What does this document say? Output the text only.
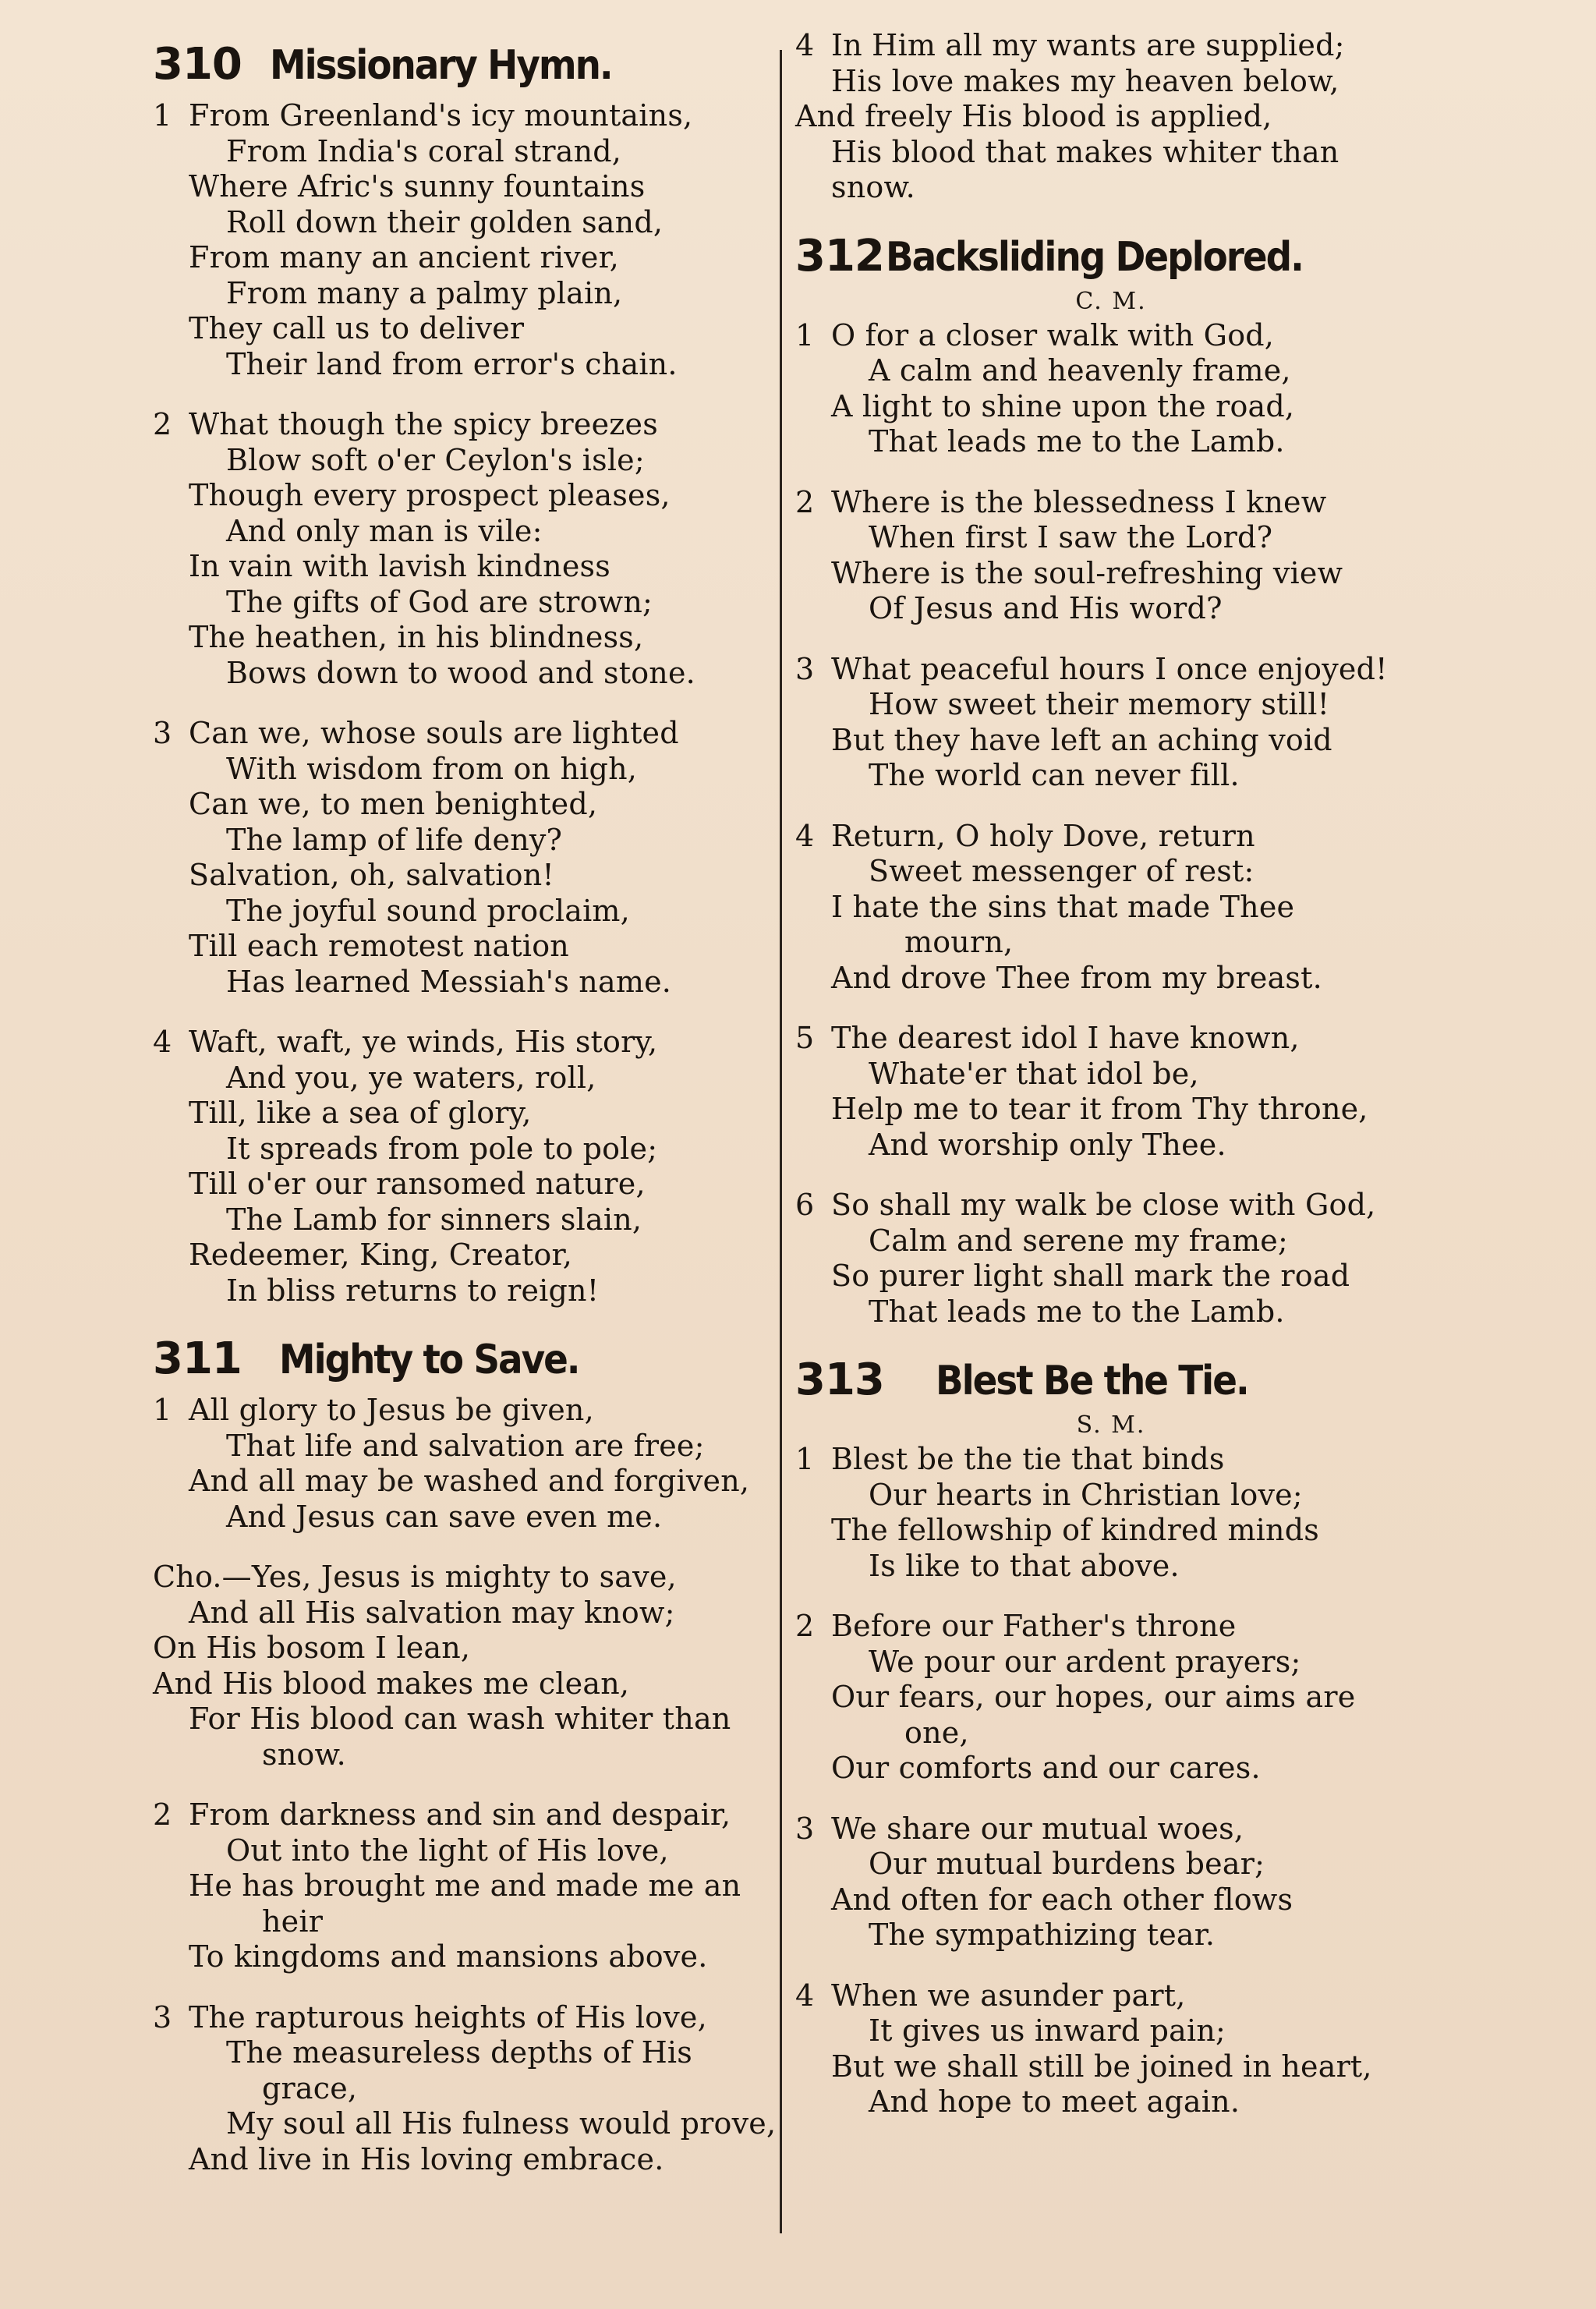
310 Missionary Hymn.
1 From Greenland's icy mountains,
From India's coral strand,
Where Afric's sunny fountains
Roll down their golden sand,
From many an ancient river,
From many a palmy plain,
They call us to deliver
Their land from error's chain.
2 What though the spicy breezes
Blow soft o'er Ceylon's isle;
Though every prospect pleases,
And only man is vile:
In vain with lavish kindness
The gifts of God are strown;
The heathen, in his blindness,
Bows down to wood and stone.
3 Can we, whose souls are lighted
With wisdom from on high,
Can we, to men benighted,
The lamp of life deny?
Salvation, oh, salvation!
The joyful sound proclaim,
Till each remotest nation
Has learned Messiah's name.
4 Waft, waft, ye winds, His story,
And you, ye waters, roll,
Till, like a sea of glory,
It spreads from pole to pole;
Till o'er our ransomed nature,
The Lamb for sinners slain,
Redeemer, King, Creator,
In bliss returns to reign!
311 Mighty to Save.
1 All glory to Jesus be given,
That life and salvation are free;
And all may be washed and forgiven,
And Jesus can save even me.
Cho.—Yes, Jesus is mighty to save,
And all His salvation may know;
On His bosom I lean,
And His blood makes me clean,
For His blood can wash whiter than
snow.
2 From darkness and sin and despair,
Out into the light of His love,
He has brought me and made me an
heir
To kingdoms and mansions above.
3 The rapturous heights of His love,
The measureless depths of His
grace,
My soul all His fulness would prove,
And live in His loving embrace.
4 In Him all my wants are supplied;
His love makes my heaven below,
And freely His blood is applied,
His blood that makes whiter than
snow.
312 Backsliding Deplored.
C. M.
1 O for a closer walk with God,
A calm and heavenly frame,
A light to shine upon the road,
That leads me to the Lamb.
2 Where is the blessedness I knew
When first I saw the Lord?
Where is the soul-refreshing view
Of Jesus and His word?
3 What peaceful hours I once enjoyed!
How sweet their memory still!
But they have left an aching void
The world can never fill.
4 Return, O holy Dove, return
Sweet messenger of rest:
I hate the sins that made Thee
mourn,
And drove Thee from my breast.
5 The dearest idol I have known,
Whate'er that idol be,
Help me to tear it from Thy throne,
And worship only Thee.
6 So shall my walk be close with God,
Calm and serene my frame;
So purer light shall mark the road
That leads me to the Lamb.
313	Blest Be the Tie.
S. M.
1 Blest be the tie that binds
Our hearts in Christian love;
The fellowship of kindred minds
Is like to that above.
2 Before our Father's throne
We pour our ardent prayers;
Our fears, our hopes, our aims are
one,
Our comforts and our cares.
3 We share our mutual woes,
Our mutual burdens bear;
And often for each other flows
The sympathizing tear.
4 When we asunder part,
It gives us inward pain;
But we shall still be joined in heart,
And hope to meet again.
